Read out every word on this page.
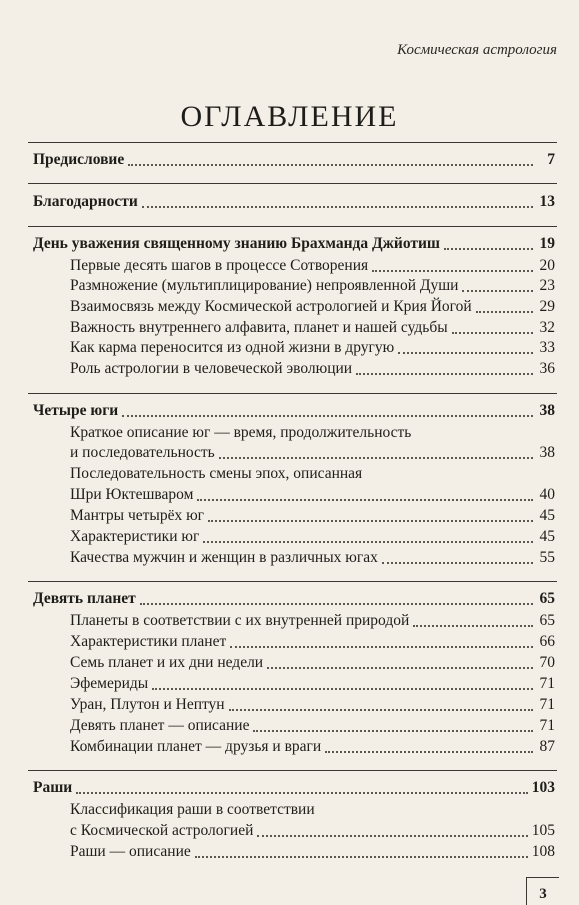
Космическая астрология
ОГЛАВЛЕНИЕ
Предисловие	7
Благодарности	13
День уважения священному знанию Брахманда Джйотиш	19
Первые десять шагов в процессе Сотворения	20
Размножение (мультиплицирование) непроявленной Души	23
Взаимосвязь между Космической астрологией и Крия Йогой	29
Важность внутреннего алфавита, планет и нашей судьбы	32
Как карма переносится из одной жизни в другую	33
Роль астрологии в человеческой эволюции	36
Четыре юги	38
Краткое описание юг — время, продолжительность
и последовательность	38
Последовательность смены эпох, описанная
Шри Юктешваром	40
Мантры четырёх юг	45
Характеристики юг	45
Качества мужчин и женщин в различных югах	55
Девять планет	65
Планеты в соответствии с их внутренней природой	65
Характеристики планет	66
Семь планет и их дни недели	70
Эфемериды	71
Уран, Плутон и Нептун	71
Девять планет — описание	71
Комбинации планет — друзья и враги	87
Раши	103
Классификация раши в соответствии
с Космической астрологией	105
Раши — описание	108
3
